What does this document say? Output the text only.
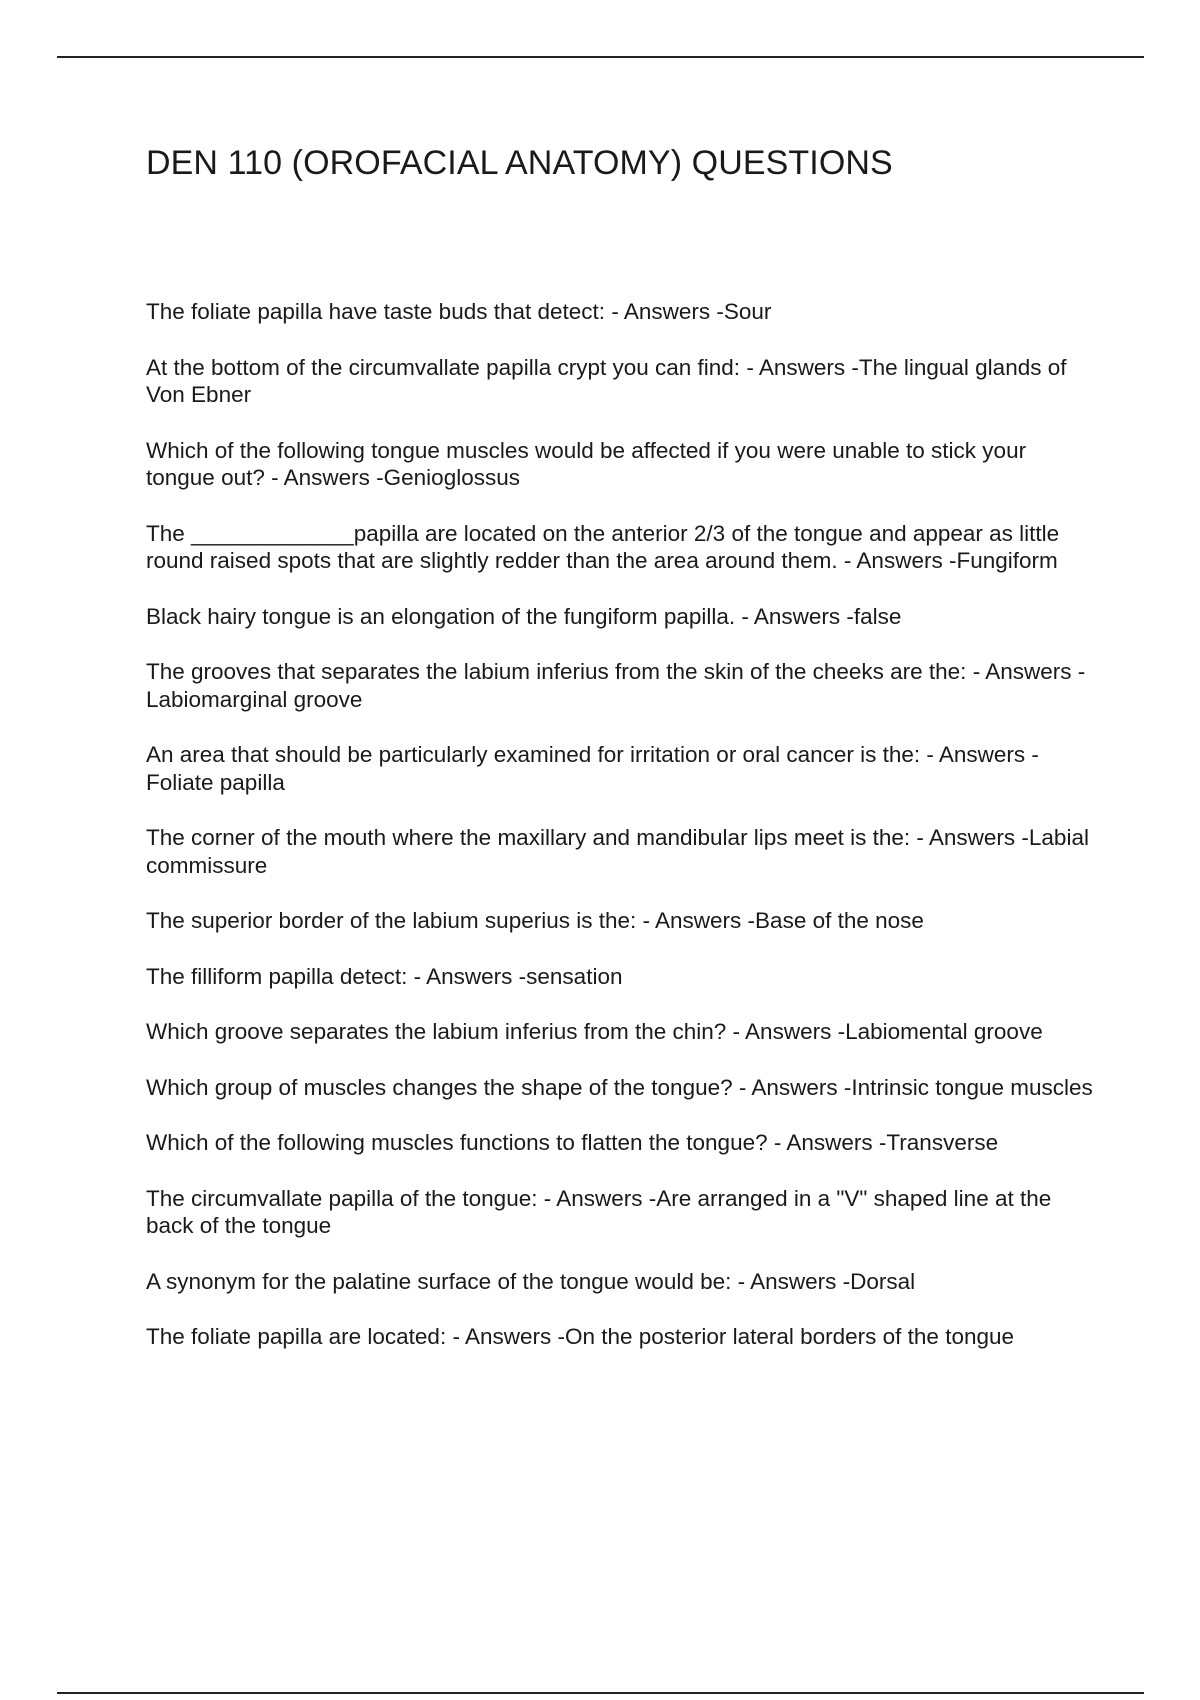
DEN 110 (OROFACIAL ANATOMY) QUESTIONS
The foliate papilla have taste buds that detect: - Answers -Sour
At the bottom of the circumvallate papilla crypt you can find: - Answers -The lingual glands of Von Ebner
Which of the following tongue muscles would be affected if you were unable to stick your tongue out? - Answers -Genioglossus
The _____________papilla are located on the anterior 2/3 of the tongue and appear as little round raised spots that are slightly redder than the area around them. - Answers -Fungiform
Black hairy tongue is an elongation of the fungiform papilla. - Answers -false
The grooves that separates the labium inferius from the skin of the cheeks are the: - Answers -Labiomarginal groove
An area that should be particularly examined for irritation or oral cancer is the: - Answers -Foliate papilla
The corner of the mouth where the maxillary and mandibular lips meet is the: - Answers -Labial commissure
The superior border of the labium superius is the: - Answers -Base of the nose
The filliform papilla detect: - Answers -sensation
Which groove separates the labium inferius from the chin? - Answers -Labiomental groove
Which group of muscles changes the shape of the tongue? - Answers -Intrinsic tongue muscles
Which of the following muscles functions to flatten the tongue? - Answers -Transverse
The circumvallate papilla of the tongue: - Answers -Are arranged in a "V" shaped line at the back of the tongue
A synonym for the palatine surface of the tongue would be: - Answers -Dorsal
The foliate papilla are located: - Answers -On the posterior lateral borders of the tongue
